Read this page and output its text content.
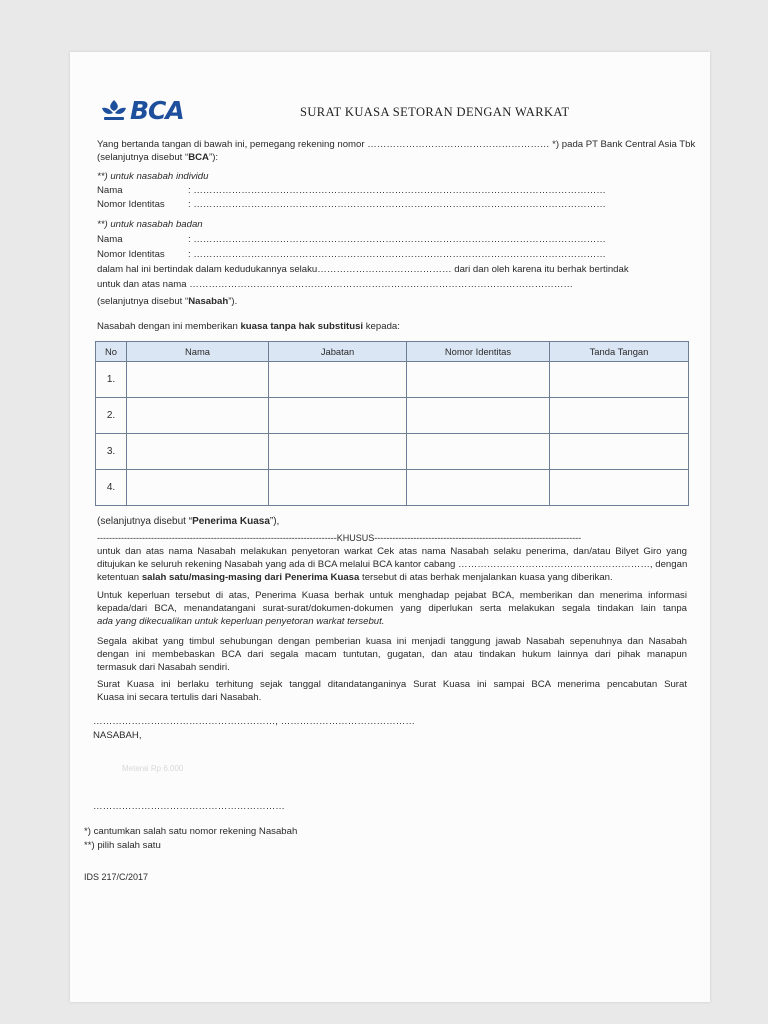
BCA	SURAT KUASA SETORAN DENGAN WARKAT
Yang bertanda tangan di bawah ini, pemegang rekening nomor ………………………………………………… *) pada PT Bank Central Asia Tbk
(selanjutnya disebut “BCA”):
**) untuk nasabah individu
Nama	: …………………………………………………………………………………………………………………
Nomor Identitas : …………………………………………………………………………………………………………………
**) untuk nasabah badan
Nama	: …………………………………………………………………………………………………………………
Nomor Identitas : …………………………………………………………………………………………………………………
dalam hal ini bertindak dalam kedudukannya selaku…………………………………… dari dan oleh karena itu berhak bertindak
untuk dan atas nama …………………………………………………………………………………………………………
(selanjutnya disebut “Nasabah”).
Nasabah dengan ini memberikan kuasa tanpa hak substitusi kepada:
No	Nama	Jabatan	Nomor Identitas	Tanda Tangan
1.				
2.				
3.				
4.				
(selanjutnya disebut “Penerima Kuasa”),
--------------------------------------------------------------------------------KHUSUS---------------------------------------------------------------------
untuk dan atas nama Nasabah melakukan penyetoran warkat Cek atas nama Nasabah selaku penerima, dan/atau Bilyet Giro yang
ditujukan ke seluruh rekening Nasabah yang ada di BCA melalui BCA kantor cabang ……………………………………………………, dengan
ketentuan salah satu/masing-masing dari Penerima Kuasa tersebut di atas berhak menjalankan kuasa yang diberikan.
Untuk keperluan tersebut di atas, Penerima Kuasa berhak untuk menghadap pejabat BCA, memberikan dan menerima informasi
kepada/dari BCA, menandatangani surat-surat/dokumen-dokumen yang diperlukan serta melakukan segala tindakan lain tanpa
ada yang dikecualikan untuk keperluan penyetoran warkat tersebut.
Segala akibat yang timbul sehubungan dengan pemberian kuasa ini menjadi tanggung jawab Nasabah sepenuhnya dan Nasabah
dengan ini membebaskan BCA dari segala macam tuntutan, gugatan, dan atau tindakan hukum lainnya dari pihak manapun
termasuk dari Nasabah sendiri.
Surat Kuasa ini berlaku terhitung sejak tanggal ditandatanganinya Surat Kuasa ini sampai BCA menerima pencabutan Surat
Kuasa ini secara tertulis dari Nasabah.
…………………………………………………, ……………………………………
NASABAH,
Meterai Rp 6.000
……………………………………………………
*) cantumkan salah satu nomor rekening Nasabah
**) pilih salah satu
IDS 217/C/2017
